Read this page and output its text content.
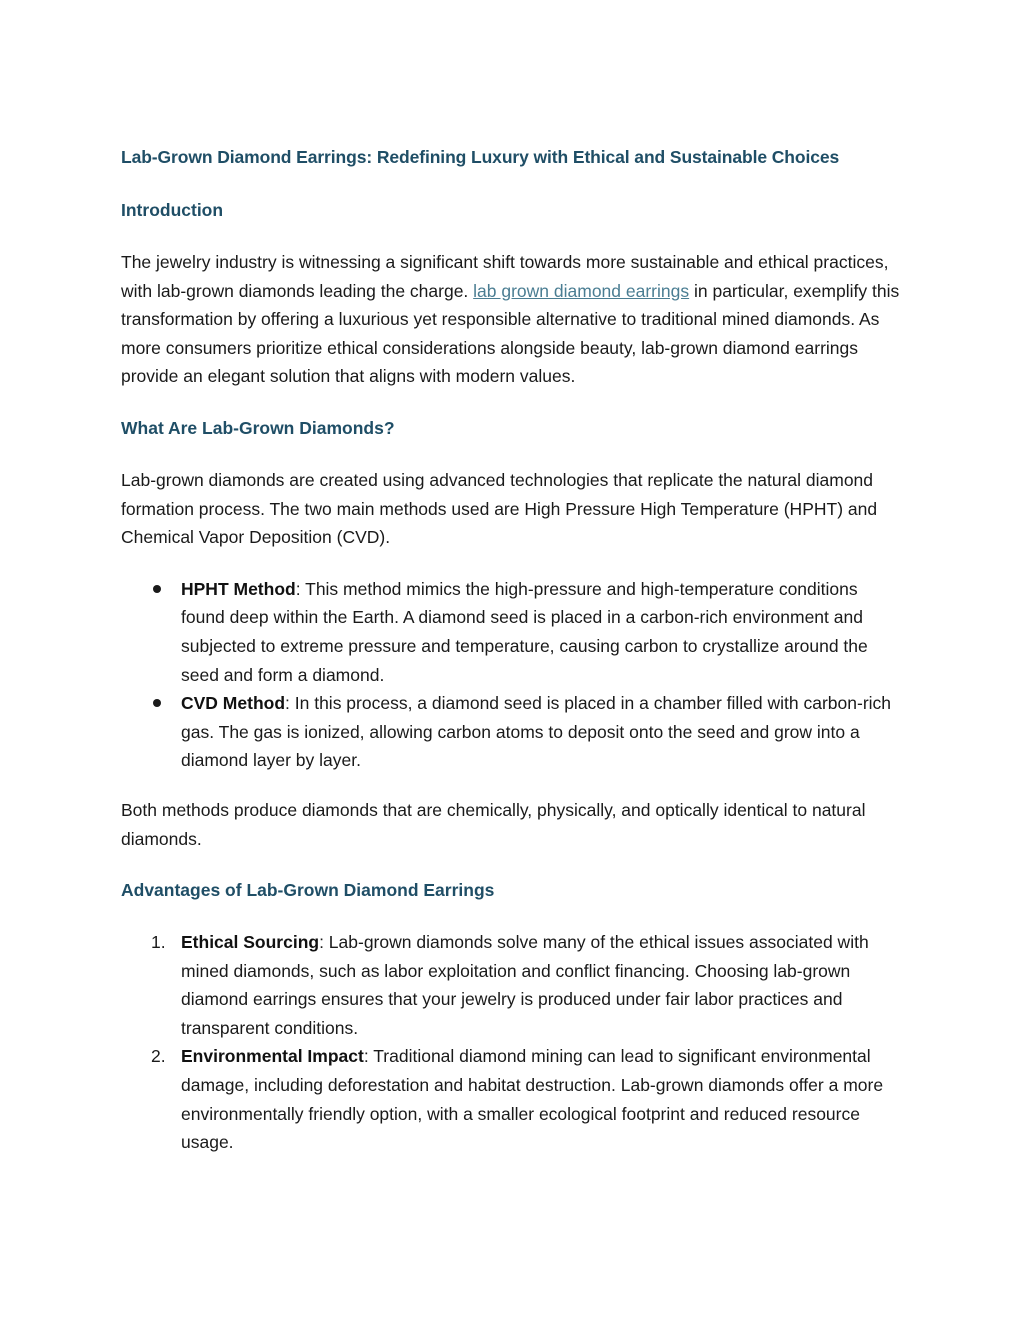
Lab-Grown Diamond Earrings: Redefining Luxury with Ethical and Sustainable Choices
Introduction

The jewelry industry is witnessing a significant shift towards more sustainable and ethical practices, with lab-grown diamonds leading the charge. lab grown diamond earrings in particular, exemplify this transformation by offering a luxurious yet responsible alternative to traditional mined diamonds. As more consumers prioritize ethical considerations alongside beauty, lab-grown diamond earrings provide an elegant solution that aligns with modern values.

What Are Lab-Grown Diamonds?

Lab-grown diamonds are created using advanced technologies that replicate the natural diamond formation process. The two main methods used are High Pressure High Temperature (HPHT) and Chemical Vapor Deposition (CVD).

HPHT Method: This method mimics the high-pressure and high-temperature conditions found deep within the Earth. A diamond seed is placed in a carbon-rich environment and subjected to extreme pressure and temperature, causing carbon to crystallize around the seed and form a diamond.
CVD Method: In this process, a diamond seed is placed in a chamber filled with carbon-rich gas. The gas is ionized, allowing carbon atoms to deposit onto the seed and grow into a diamond layer by layer.

Both methods produce diamonds that are chemically, physically, and optically identical to natural diamonds.

Advantages of Lab-Grown Diamond Earrings
1. Ethical Sourcing: Lab-grown diamonds solve many of the ethical issues associated with mined diamonds, such as labor exploitation and conflict financing. Choosing lab-grown diamond earrings ensures that your jewelry is produced under fair labor practices and transparent conditions.
2. Environmental Impact: Traditional diamond mining can lead to significant environmental damage, including deforestation and habitat destruction. Lab-grown diamonds offer a more environmentally friendly option, with a smaller ecological footprint and reduced resource usage.
